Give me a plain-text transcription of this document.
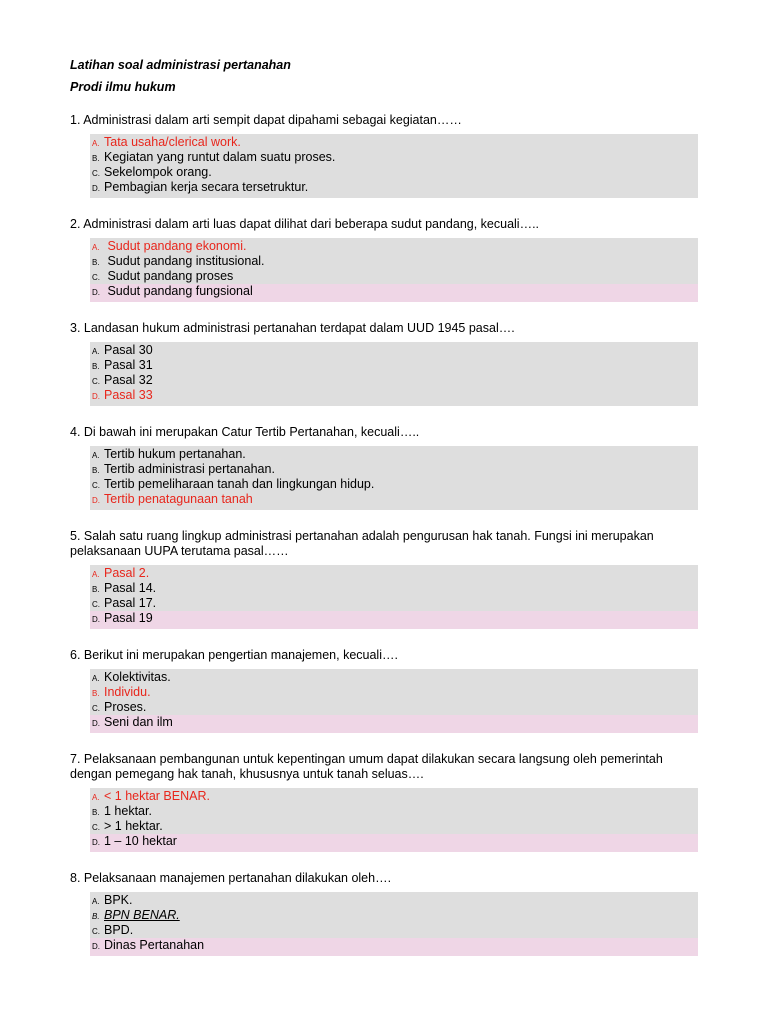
Latihan soal administrasi pertanahan
Prodi ilmu hukum
1. Administrasi dalam arti sempit dapat dipahami sebagai kegiatan……
A. Tata usaha/clerical work.
B. Kegiatan yang runtut dalam suatu proses.
C. Sekelompok orang.
D. Pembagian kerja secara tersetruktur.
2. Administrasi dalam arti luas dapat dilihat dari beberapa sudut pandang, kecuali…..
A. Sudut pandang ekonomi.
B. Sudut pandang institusional.
C. Sudut pandang proses
D. Sudut pandang fungsional
3. Landasan hukum administrasi pertanahan terdapat dalam UUD 1945 pasal….
A. Pasal 30
B. Pasal 31
C. Pasal 32
D. Pasal 33
4. Di bawah ini merupakan Catur Tertib Pertanahan, kecuali…..
A. Tertib hukum pertanahan.
B. Tertib administrasi pertanahan.
C. Tertib pemeliharaan tanah dan lingkungan hidup.
D. Tertib penatagunaan tanah
5. Salah satu ruang lingkup administrasi pertanahan adalah pengurusan hak tanah. Fungsi ini merupakan pelaksanaan UUPA terutama pasal……
A. Pasal 2.
B. Pasal 14.
C. Pasal 17.
D. Pasal 19
6. Berikut ini merupakan pengertian manajemen, kecuali….
A. Kolektivitas.
B. Individu.
C. Proses.
D. Seni dan ilm
7. Pelaksanaan pembangunan untuk kepentingan umum dapat dilakukan secara langsung oleh pemerintah dengan pemegang hak tanah, khususnya untuk tanah seluas….
A. < 1 hektar BENAR.
B. 1 hektar.
C. > 1 hektar.
D. 1 – 10 hektar
8. Pelaksanaan manajemen pertanahan dilakukan oleh….
A. BPK.
B. BPN BENAR.
C. BPD.
D. Dinas Pertanahan
